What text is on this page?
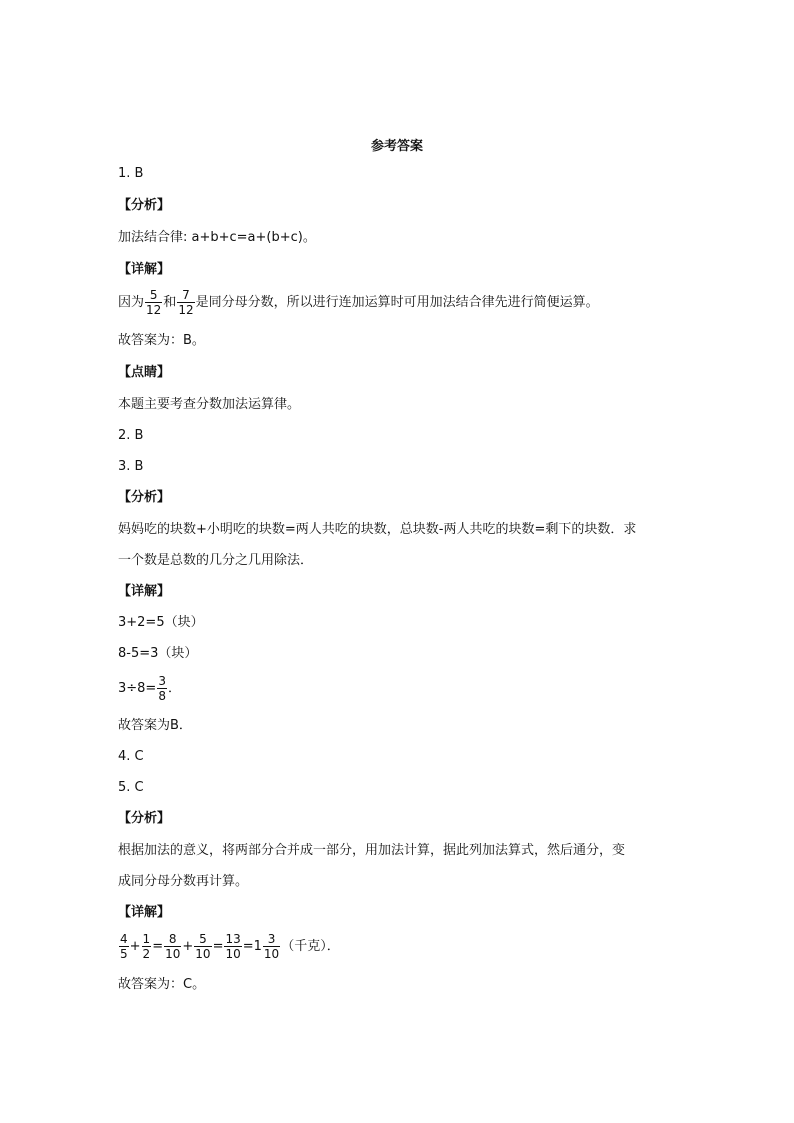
参考答案
1. B
【分析】
加法结合律: a+b+c=a+(b+c)。
【详解】
因为 $\frac{5}{12}$ 和 $\frac{7}{12}$ 是同分母分数，所以进行连加运算时可用加法结合律先进行简便运算。
故答案为：B。
【点睛】
本题主要考查分数加法运算律。
2. B
3. B
【分析】
妈妈吃的块数+小明吃的块数=两人共吃的块数，总块数-两人共吃的块数=剩下的块数．求
一个数是总数的几分之几用除法．
【详解】
3+2=5（块）
8-5=3（块）
$3\div 8= \frac{3}{8}$ ．
故答案为B．
4. C
5. C
【分析】
根据加法的意义，将两部分合并成一部分，用加法计算，据此列加法算式，然后通分，变
成同分母分数再计算。
【详解】
$\frac{4}{5} + \frac{1}{2} = \frac{8}{10} + \frac{5}{10} = \frac{13}{10} =1 \frac{3}{10}$ （千克）．
故答案为：C。
